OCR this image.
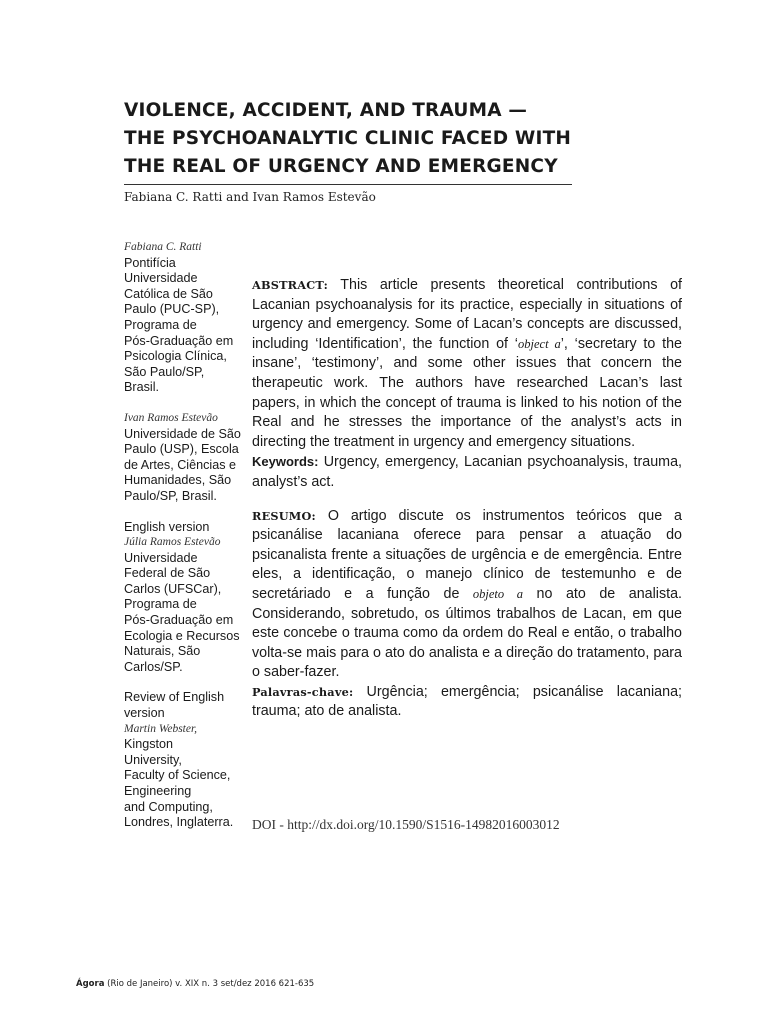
VIOLENCE, ACCIDENT, AND TRAUMA —
THE PSYCHOANALYTIC CLINIC FACED WITH
THE REAL OF URGENCY AND EMERGENCY
Fabiana C. Ratti and Ivan Ramos Estevão
Fabiana C. Ratti
Pontifícia
Universidade
Católica de São
Paulo (PUC-SP),
Programa de
Pós-Graduação em
Psicologia Clínica,
São Paulo/SP, Brasil.
Ivan Ramos Estevão
Universidade de São
Paulo (USP), Escola
de Artes, Ciências e
Humanidades, São
Paulo/SP, Brasil.
English version
Júlia Ramos Estevão
Universidade
Federal de São
Carlos (UFSCar),
Programa de
Pós-Graduação em
Ecologia e Recursos
Naturais, São
Carlos/SP.
Review of English
version
Martin Webster,
Kingston
University,
Faculty of Science,
Engineering
and Computing,
Londres, Inglaterra.
ABSTRACT: This article presents theoretical contributions of Lacanian psychoanalysis for its practice, especially in situations of urgency and emergency. Some of Lacan’s concepts are discussed, including ‘Identification’, the function of ‘object a’, ‘secretary to the insane’, ‘testimony’, and some other issues that concern the therapeutic work. The authors have researched Lacan’s last papers, in which the concept of trauma is linked to his notion of the Real and he stresses the importance of the analyst’s acts in directing the treatment in urgency and emergency situations.
Keywords: Urgency, emergency, Lacanian psychoanalysis, trauma, analyst’s act.
RESUMO: O artigo discute os instrumentos teóricos que a psicanálise lacaniana oferece para pensar a atuação do psicanalista frente a situações de urgência e de emergência. Entre eles, a identificação, o manejo clínico de testemunho e de secretáriado e a função de objeto a no ato de analista. Considerando, sobretudo, os últimos trabalhos de Lacan, em que este concebe o trauma como da ordem do Real e então, o trabalho volta-se mais para o ato do analista e a direção do tratamento, para o saber-fazer.
Palavras-chave: Urgência; emergência; psicanálise lacaniana; trauma; ato de analista.
DOI - http://dx.doi.org/10.1590/S1516-14982016003012
Ágora (Rio de Janeiro) v. XIX n. 3 set/dez 2016 621-635
